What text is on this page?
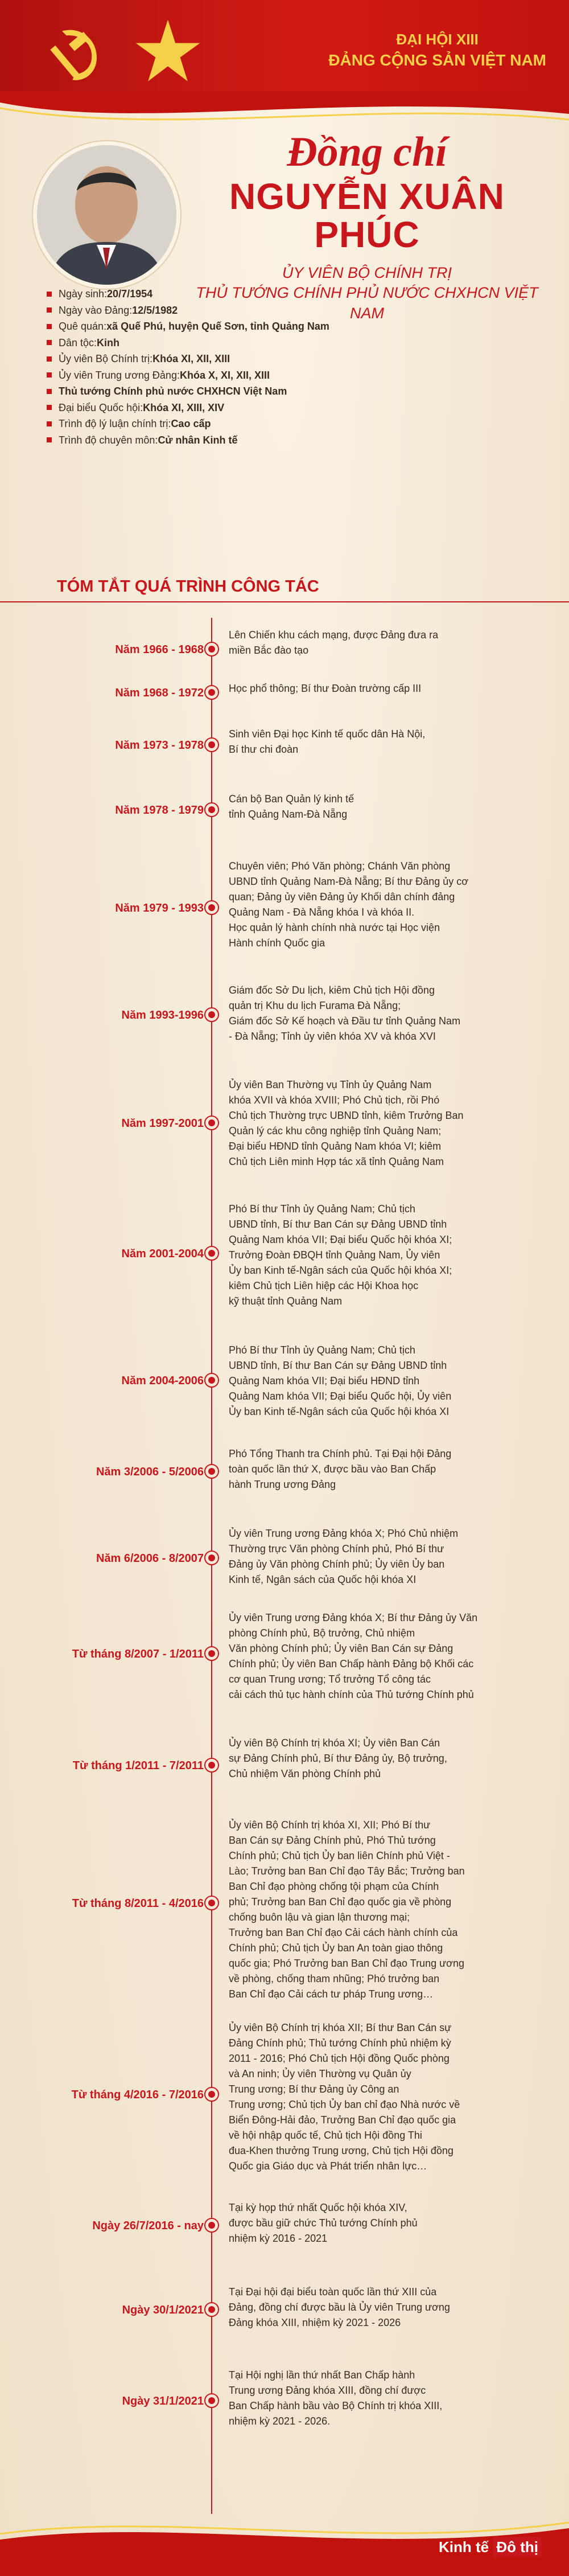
ĐẠI HỘI XIII
ĐẢNG CỘNG SẢN VIỆT NAM
Đồng chí
NGUYỄN XUÂN PHÚC
ỦY VIÊN BỘ CHÍNH TRỊ
THỦ TƯỚNG CHÍNH PHỦ NƯỚC CHXHCN VIỆT NAM
Ngày sinh: 20/7/1954
Ngày vào Đảng: 12/5/1982
Quê quán: xã Quế Phú, huyện Quế Sơn, tỉnh Quảng Nam
Dân tộc: Kinh
Ủy viên Bộ Chính trị: Khóa XI, XII, XIII
Ủy viên Trung ương Đảng: Khóa X, XI, XII, XIII
Thủ tướng Chính phủ nước CHXHCN Việt Nam
Đại biểu Quốc hội: Khóa XI, XIII, XIV
Trình độ lý luận chính trị: Cao cấp
Trình độ chuyên môn: Cử nhân Kinh tế
TÓM TẮT QUÁ TRÌNH CÔNG TÁC
Năm 1966 - 1968
Lên Chiến khu cách mạng, được Đảng đưa ra
miền Bắc đào tạo
Năm 1968 - 1972 Học phổ thông; Bí thư Đoàn trường cấp III
Năm 1973 - 1978
Sinh viên Đại học Kinh tế quốc dân Hà Nội,
Bí thư chi đoàn
Năm 1978 - 1979
Cán bộ Ban Quản lý kinh tế
tỉnh Quảng Nam-Đà Nẵng
Năm 1979 - 1993
Chuyên viên; Phó Văn phòng; Chánh Văn phòng
UBND tỉnh Quảng Nam-Đà Nẵng; Bí thư Đảng ủy cơ
quan; Đảng ủy viên Đảng ủy Khối dân chính đảng
Quảng Nam - Đà Nẵng khóa I và khóa II.
Học quản lý hành chính nhà nước tại Học viện
Hành chính Quốc gia
Năm 1993-1996
Giám đốc Sở Du lịch, kiêm Chủ tịch Hội đồng
quản trị Khu du lịch Furama Đà Nẵng;
Giám đốc Sở Kế hoạch và Đầu tư tỉnh Quảng Nam
- Đà Nẵng; Tỉnh ủy viên khóa XV và khóa XVI
Năm 1997-2001
Ủy viên Ban Thường vụ Tỉnh ủy Quảng Nam
khóa XVII và khóa XVIII; Phó Chủ tịch, rồi Phó
Chủ tịch Thường trực UBND tỉnh, kiêm Trưởng Ban
Quản lý các khu công nghiệp tỉnh Quảng Nam;
Đại biểu HĐND tỉnh Quảng Nam khóa VI; kiêm
Chủ tịch Liên minh Hợp tác xã tỉnh Quảng Nam
Năm 2001-2004
Phó Bí thư Tỉnh ủy Quảng Nam; Chủ tịch
UBND tỉnh, Bí thư Ban Cán sự Đảng UBND tỉnh
Quảng Nam khóa VII; Đại biểu Quốc hội khóa XI;
Trưởng Đoàn ĐBQH tỉnh Quảng Nam, Ủy viên
Ủy ban Kinh tế-Ngân sách của Quốc hội khóa XI;
kiêm Chủ tịch Liên hiệp các Hội Khoa học
kỹ thuật tỉnh Quảng Nam
Năm 2004-2006
Phó Bí thư Tỉnh ủy Quảng Nam; Chủ tịch
UBND tỉnh, Bí thư Ban Cán sự Đảng UBND tỉnh
Quảng Nam khóa VII; Đại biểu HĐND tỉnh
Quảng Nam khóa VII; Đại biểu Quốc hội, Ủy viên
Ủy ban Kinh tế-Ngân sách của Quốc hội khóa XI
Năm 3/2006 - 5/2006
Phó Tổng Thanh tra Chính phủ. Tại Đại hội Đảng
toàn quốc lần thứ X, được bầu vào Ban Chấp
hành Trung ương Đảng
Năm 6/2006 - 8/2007
Ủy viên Trung ương Đảng khóa X; Phó Chủ nhiệm
Thường trực Văn phòng Chính phủ, Phó Bí thư
Đảng ủy Văn phòng Chính phủ; Ủy viên Ủy ban
Kinh tế, Ngân sách của Quốc hội khóa XI
Từ tháng 8/2007 - 1/2011
Ủy viên Trung ương Đảng khóa X; Bí thư Đảng ủy Văn
phòng Chính phủ, Bộ trưởng, Chủ nhiệm
Văn phòng Chính phủ; Ủy viên Ban Cán sự Đảng
Chính phủ; Ủy viên Ban Chấp hành Đảng bộ Khối các
cơ quan Trung ương; Tổ trưởng Tổ công tác
cải cách thủ tục hành chính của Thủ tướng Chính phủ
Từ tháng 1/2011 - 7/2011
Ủy viên Bộ Chính trị khóa XI; Ủy viên Ban Cán
sự Đảng Chính phủ, Bí thư Đảng ủy, Bộ trưởng,
Chủ nhiệm Văn phòng Chính phủ
Từ tháng 8/2011 - 4/2016
Ủy viên Bộ Chính trị khóa XI, XII; Phó Bí thư
Ban Cán sự Đảng Chính phủ, Phó Thủ tướng
Chính phủ; Chủ tịch Ủy ban liên Chính phủ Việt -
Lào; Trưởng ban Ban Chỉ đạo Tây Bắc; Trưởng ban
Ban Chỉ đạo phòng chống tội phạm của Chính
phủ; Trưởng ban Ban Chỉ đạo quốc gia về phòng
chống buôn lậu và gian lận thương mại;
Trưởng ban Ban Chỉ đạo Cải cách hành chính của
Chính phủ; Chủ tịch Ủy ban An toàn giao thông
quốc gia; Phó Trưởng ban Ban Chỉ đạo Trung ương
về phòng, chống tham nhũng; Phó trưởng ban
Ban Chỉ đạo Cải cách tư pháp Trung ương…
Từ tháng 4/2016 - 7/2016
Ủy viên Bộ Chính trị khóa XII; Bí thư Ban Cán sự
Đảng Chính phủ; Thủ tướng Chính phủ nhiệm kỳ
2011 - 2016; Phó Chủ tịch Hội đồng Quốc phòng
và An ninh; Ủy viên Thường vụ Quân ủy
Trung ương; Bí thư Đảng ủy Công an
Trung ương; Chủ tịch Ủy ban chỉ đạo Nhà nước về
Biển Đông-Hải đảo, Trưởng Ban Chỉ đạo quốc gia
về hội nhập quốc tế, Chủ tịch Hội đồng Thi
đua-Khen thưởng Trung ương, Chủ tịch Hội đồng
Quốc gia Giáo dục và Phát triển nhân lực…
Ngày 26/7/2016 - nay
Tại kỳ họp thứ nhất Quốc hội khóa XIV,
được bầu giữ chức Thủ tướng Chính phủ
nhiệm kỳ 2016 - 2021
Ngày 30/1/2021
Tại Đại hội đại biểu toàn quốc lần thứ XIII của
Đảng, đồng chí được bầu là Ủy viên Trung ương
Đảng khóa XIII, nhiệm kỳ 2021 - 2026
Ngày 31/1/2021
Tại Hội nghị lần thứ nhất Ban Chấp hành
Trung ương Đảng khóa XIII, đồng chí được
Ban Chấp hành bầu vào Bộ Chính trị khóa XIII,
nhiệm kỳ 2021 - 2026.
Kinh tế Đô thị
